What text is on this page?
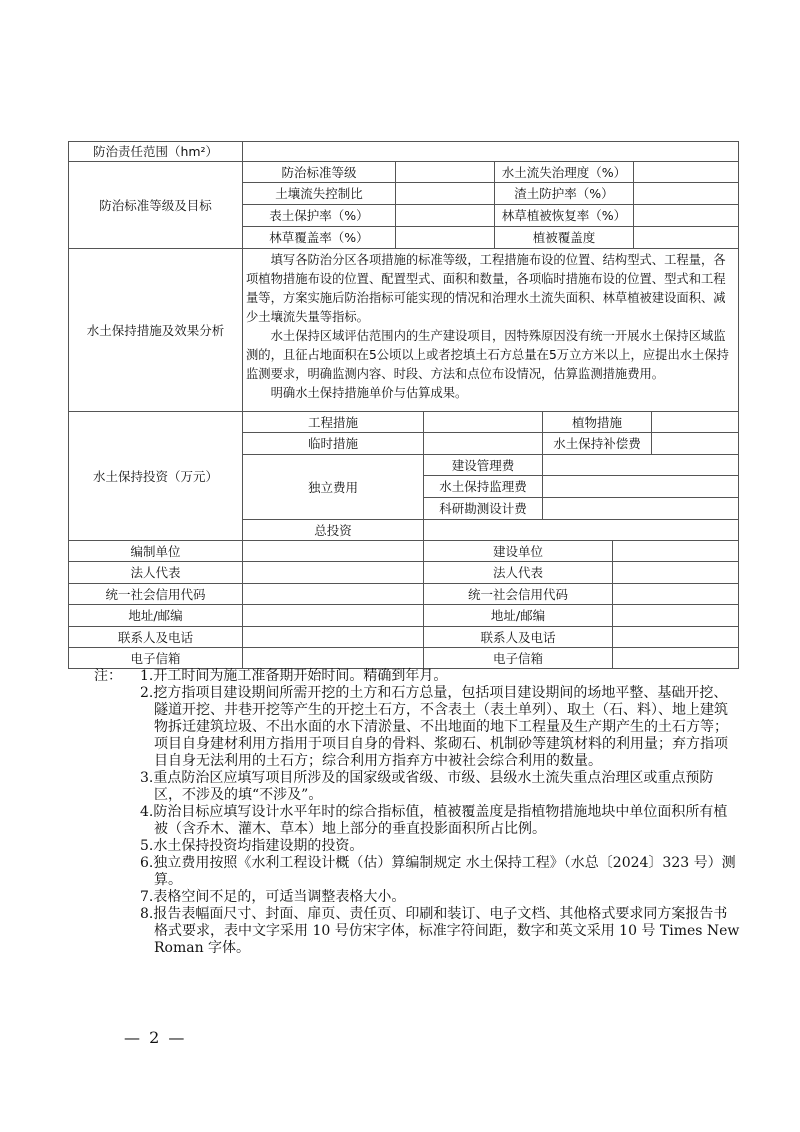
防治责任范围（hm²）
防治标准等级及目标
防治标准等级	水土流失治理度（%）
土壤流失控制比	渣土防护率（%）
表土保护率（%）	林草植被恢复率（%）
林草覆盖率（%）	植被覆盖度
水土保持措施及效果分析

填写各防治分区各项措施的标准等级，工程措施布设的位置、结构型式、工程量，各项植物措施布设的位置、配置型式、面积和数量，各项临时措施布设的位置、型式和工程量等，方案实施后防治指标可能实现的情况和治理水土流失面积、林草植被建设面积、减少土壤流失量等指标。

水土保持区域评估范围内的生产建设项目，因特殊原因没有统一开展水土保持区域监测的，且征占地面积在5公顷以上或者挖填土石方总量在5万立方米以上，应提出水土保持监测要求，明确监测内容、时段、方法和点位布设情况，估算监测措施费用。

明确水土保持措施单价与估算成果。

水土保持投资（万元）
工程措施	植物措施
临时措施	水土保持补偿费
独立费用
建设管理费
水土保持监理费
科研勘测设计费
总投资
编制单位	建设单位
法人代表	法人代表
统一社会信用代码	统一社会信用代码
地址/邮编	地址/邮编
联系人及电话	联系人及电话
电子信箱	电子信箱
注： 1.开工时间为施工准备期开始时间。精确到年月。
2.挖方指项目建设期间所需开挖的土方和石方总量，包括项目建设期间的场地平整、基础开挖、隧道开挖、井巷开挖等产生的开挖土石方，不含表土（表土单列）、取土（石、料）、地上建筑物拆迁建筑垃圾、不出水面的水下清淤量、不出地面的地下工程量及生产期产生的土石方等；项目自身建材利用方指用于项目自身的骨料、浆砌石、机制砂等建筑材料的利用量；弃方指项目自身无法利用的土石方；综合利用方指弃方中被社会综合利用的数量。
3.重点防治区应填写项目所涉及的国家级或省级、市级、县级水土流失重点治理区或重点预防区，不涉及的填“不涉及”。
4.防治目标应填写设计水平年时的综合指标值，植被覆盖度是指植物措施地块中单位面积所有植被（含乔木、灌木、草本）地上部分的垂直投影面积所占比例。
5.水土保持投资均指建设期的投资。
6.独立费用按照《水利工程设计概（估）算编制规定 水土保持工程》（水总〔2024〕323 号）测算。
7.表格空间不足的，可适当调整表格大小。
8.报告表幅面尺寸、封面、扉页、责任页、印刷和装订、电子文档、其他格式要求同方案报告书格式要求，表中文字采用 10 号仿宋字体，标准字符间距，数字和英文采用 10 号 Times New Roman 字体。
— 2 —
